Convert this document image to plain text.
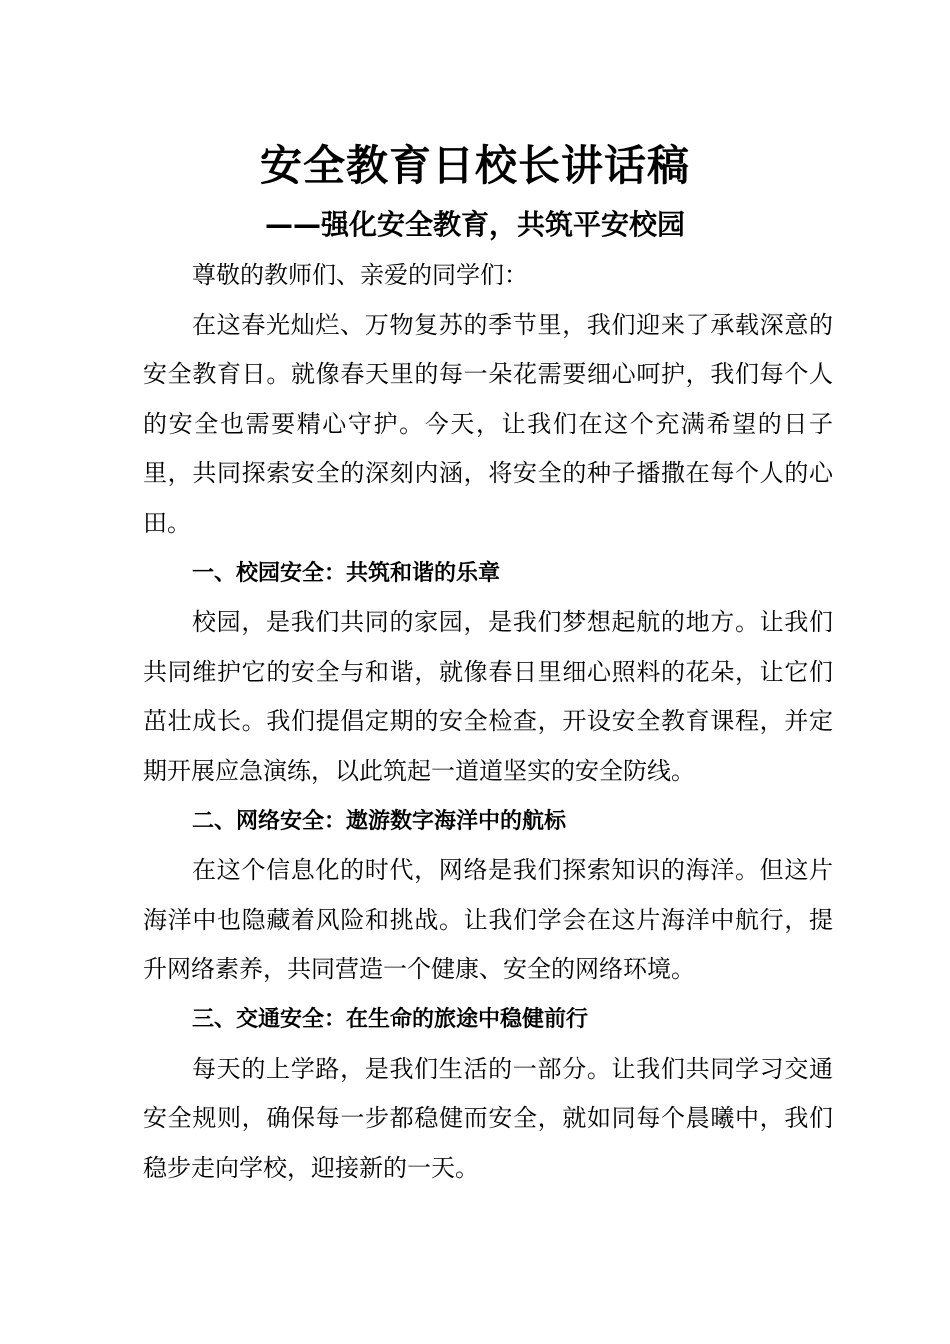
安全教育日校长讲话稿
——强化安全教育，共筑平安校园

尊敬的教师们、亲爱的同学们：

在这春光灿烂、万物复苏的季节里，我们迎来了承载深意的安全教育日。就像春天里的每一朵花需要细心呵护，我们每个人的安全也需要精心守护。今天，让我们在这个充满希望的日子里，共同探索安全的深刻内涵，将安全的种子播撒在每个人的心田。

一、校园安全：共筑和谐的乐章

校园，是我们共同的家园，是我们梦想起航的地方。让我们共同维护它的安全与和谐，就像春日里细心照料的花朵，让它们茁壮成长。我们提倡定期的安全检查，开设安全教育课程，并定期开展应急演练，以此筑起一道道坚实的安全防线。

二、网络安全：遨游数字海洋中的航标

在这个信息化的时代，网络是我们探索知识的海洋。但这片海洋中也隐藏着风险和挑战。让我们学会在这片海洋中航行，提升网络素养，共同营造一个健康、安全的网络环境。

三、交通安全：在生命的旅途中稳健前行

每天的上学路，是我们生活的一部分。让我们共同学习交通安全规则，确保每一步都稳健而安全，就如同每个晨曦中，我们稳步走向学校，迎接新的一天。
